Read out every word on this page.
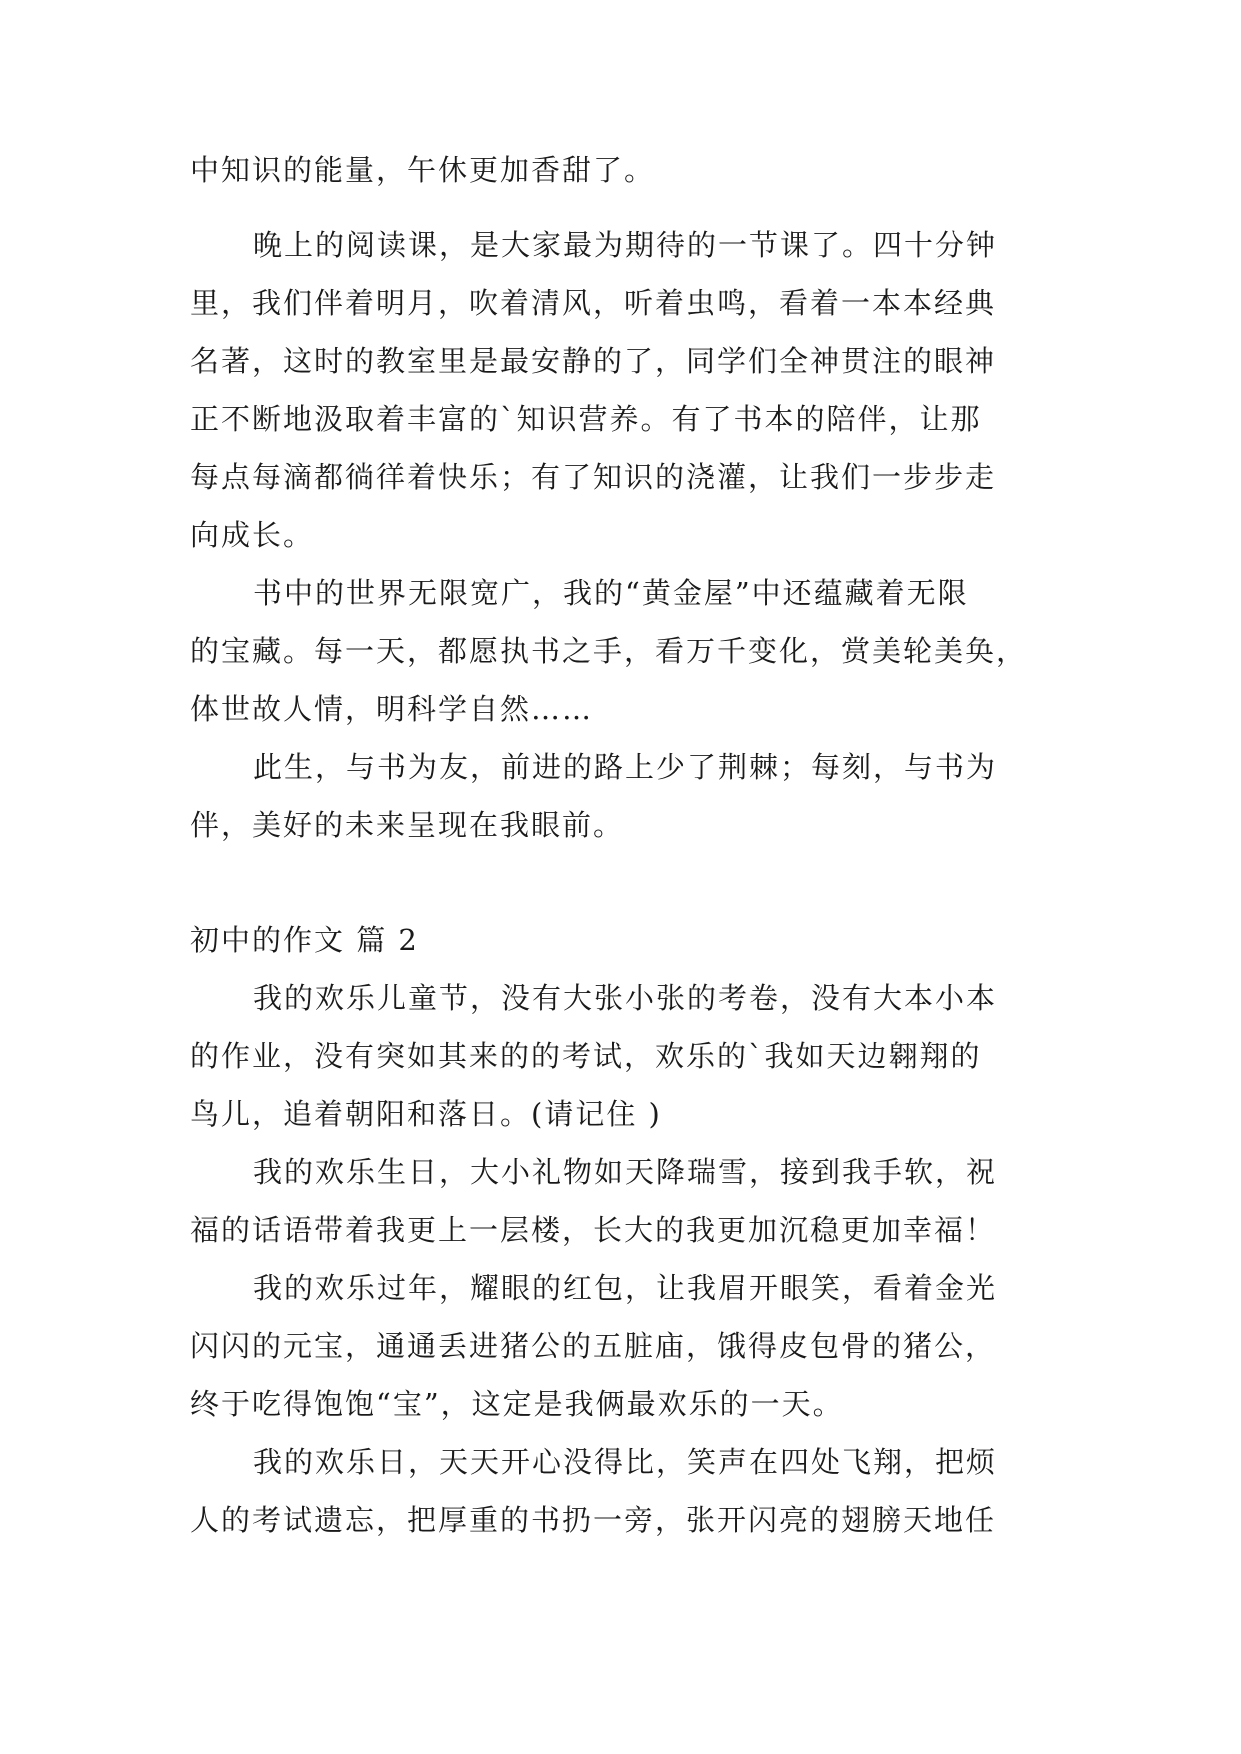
中知识的能量，午休更加香甜了。
晚上的阅读课，是大家最为期待的一节课了。四十分钟
里，我们伴着明月，吹着清风，听着虫鸣，看着一本本经典
名著，这时的教室里是最安静的了，同学们全神贯注的眼神
正不断地汲取着丰富的`知识营养。有了书本的陪伴，让那
每点每滴都徜徉着快乐；有了知识的浇灌，让我们一步步走
向成长。
书中的世界无限宽广，我的“黄金屋”中还蕴藏着无限
的宝藏。每一天，都愿执书之手，看万千变化，赏美轮美奂，
体世故人情，明科学自然……
此生，与书为友，前进的路上少了荆棘；每刻，与书为
伴，美好的未来呈现在我眼前。
初中的作文 篇 2
我的欢乐儿童节，没有大张小张的考卷，没有大本小本
的作业，没有突如其来的的考试，欢乐的`我如天边翱翔的
鸟儿，追着朝阳和落日。(请记住 )
我的欢乐生日，大小礼物如天降瑞雪，接到我手软，祝
福的话语带着我更上一层楼，长大的我更加沉稳更加幸福！
我的欢乐过年，耀眼的红包，让我眉开眼笑，看着金光
闪闪的元宝，通通丢进猪公的五脏庙，饿得皮包骨的猪公，
终于吃得饱饱“宝”，这定是我俩最欢乐的一天。
我的欢乐日，天天开心没得比，笑声在四处飞翔，把烦
人的考试遗忘，把厚重的书扔一旁，张开闪亮的翅膀天地任
